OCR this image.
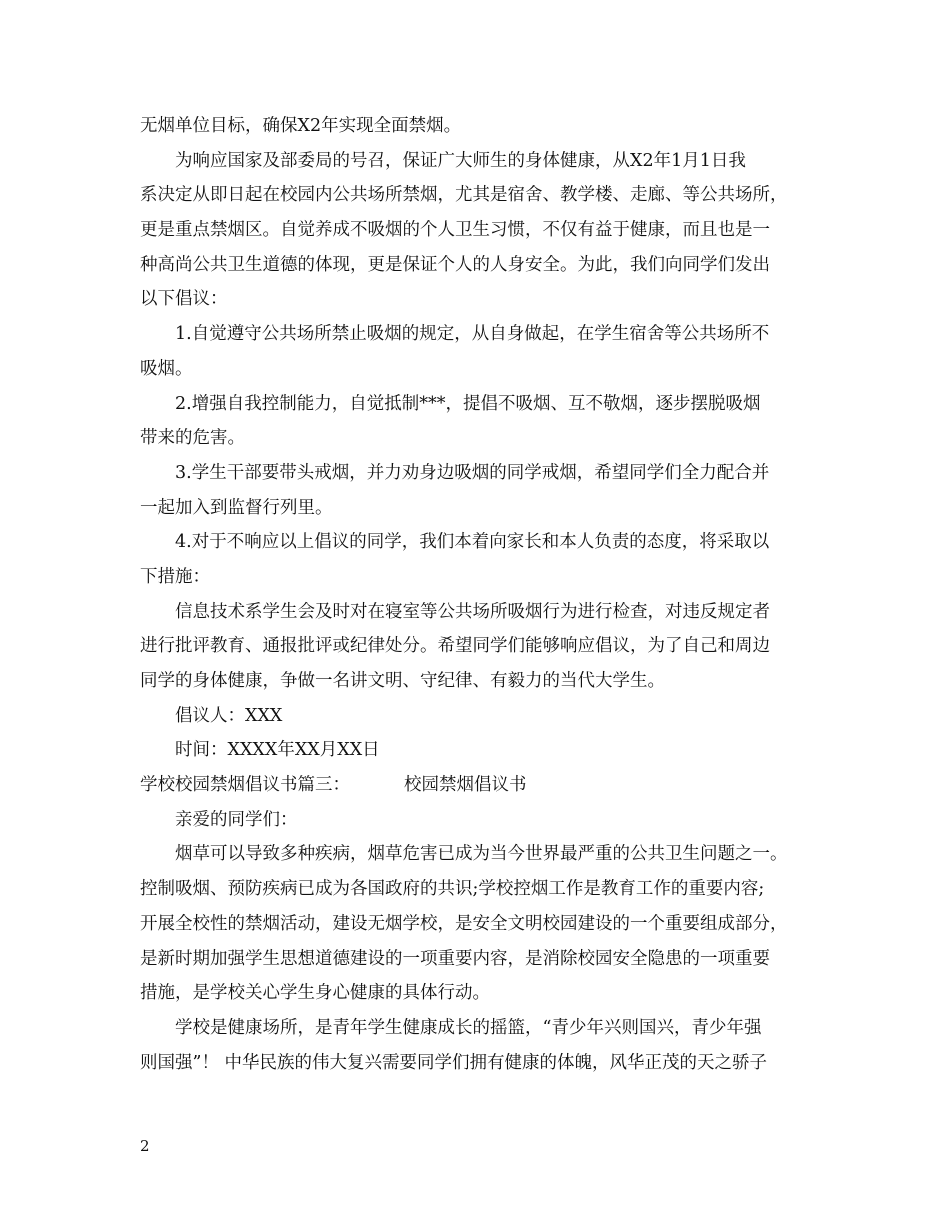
无烟单位目标，确保X2年实现全面禁烟。
为响应国家及部委局的号召，保证广大师生的身体健康，从X2年1月1日我
系决定从即日起在校园内公共场所禁烟，尤其是宿舍、教学楼、走廊、等公共场所，
更是重点禁烟区。自觉养成不吸烟的个人卫生习惯，不仅有益于健康，而且也是一
种高尚公共卫生道德的体现，更是保证个人的人身安全。为此，我们向同学们发出
以下倡议：
1.自觉遵守公共场所禁止吸烟的规定，从自身做起，在学生宿舍等公共场所不
吸烟。
2.增强自我控制能力，自觉抵制***，提倡不吸烟、互不敬烟，逐步摆脱吸烟
带来的危害。
3.学生干部要带头戒烟，并力劝身边吸烟的同学戒烟，希望同学们全力配合并
一起加入到监督行列里。
4.对于不响应以上倡议的同学，我们本着向家长和本人负责的态度，将采取以
下措施：
信息技术系学生会及时对在寝室等公共场所吸烟行为进行检查，对违反规定者
进行批评教育、通报批评或纪律处分。希望同学们能够响应倡议，为了自己和周边
同学的身体健康，争做一名讲文明、守纪律、有毅力的当代大学生。
倡议人：XXX
时间：XXXX年XX月XX日
学校校园禁烟倡议书篇三：	校园禁烟倡议书
亲爱的同学们：
烟草可以导致多种疾病，烟草危害已成为当今世界最严重的公共卫生问题之一。
控制吸烟、预防疾病已成为各国政府的共识;学校控烟工作是教育工作的重要内容;
开展全校性的禁烟活动，建设无烟学校，是安全文明校园建设的一个重要组成部分，
是新时期加强学生思想道德建设的一项重要内容，是消除校园安全隐患的一项重要
措施，是学校关心学生身心健康的具体行动。
学校是健康场所，是青年学生健康成长的摇篮，“青少年兴则国兴，青少年强
则国强”！ 中华民族的伟大复兴需要同学们拥有健康的体魄，风华正茂的天之骄子
2
